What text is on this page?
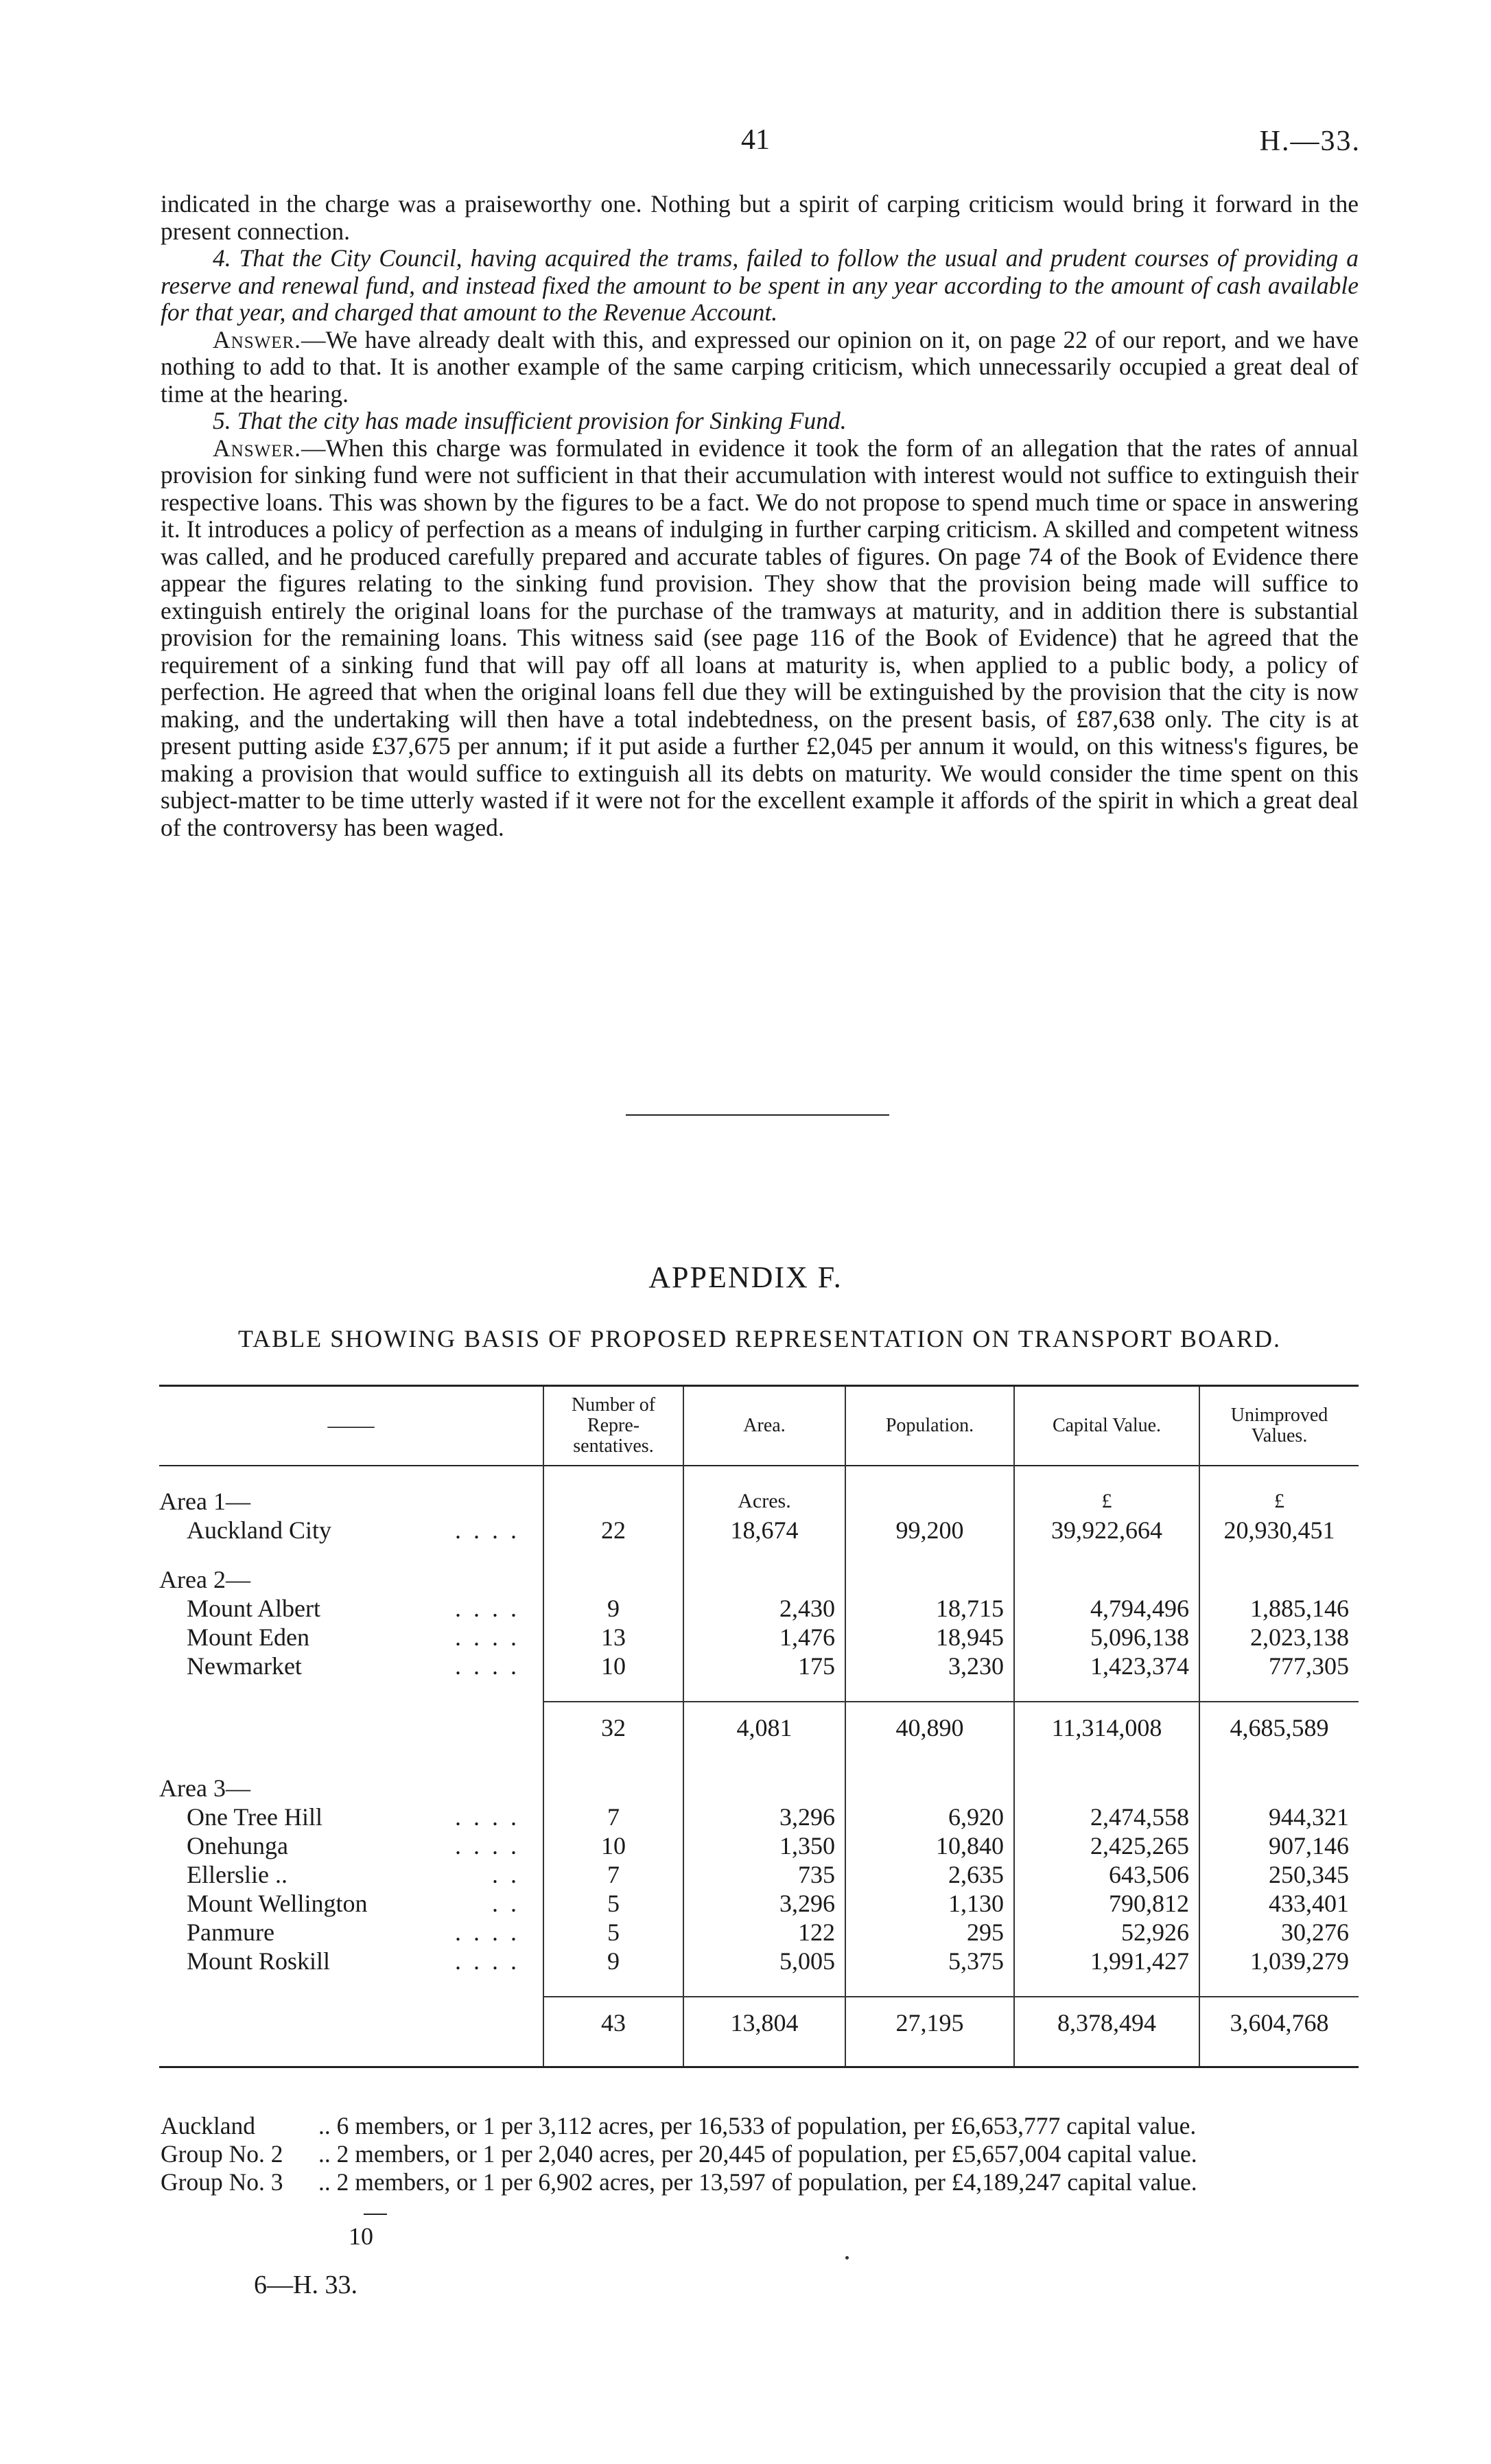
41	H.—33.

indicated in the charge was a praiseworthy one. Nothing but a spirit of carping criticism would bring it forward in the present connection.

4. That the City Council, having acquired the trams, failed to follow the usual and prudent courses of providing a reserve and renewal fund, and instead fixed the amount to be spent in any year according to the amount of cash available for that year, and charged that amount to the Revenue Account.

Answer.—We have already dealt with this, and expressed our opinion on it, on page 22 of our report, and we have nothing to add to that. It is another example of the same carping criticism, which unnecessarily occupied a great deal of time at the hearing.

5. That the city has made insufficient provision for Sinking Fund.

Answer.—When this charge was formulated in evidence it took the form of an allegation that the rates of annual provision for sinking fund were not sufficient in that their accumulation with interest would not suffice to extinguish their respective loans. This was shown by the figures to be a fact. We do not propose to spend much time or space in answering it. It introduces a policy of perfection as a means of indulging in further carping criticism. A skilled and competent witness was called, and he produced carefully prepared and accurate tables of figures. On page 74 of the Book of Evidence there appear the figures relating to the sinking fund provision. They show that the provision being made will suffice to extinguish entirely the original loans for the purchase of the tramways at maturity, and in addition there is substantial provision for the remaining loans. This witness said (see page 116 of the Book of Evidence) that he agreed that the requirement of a sinking fund that will pay off all loans at maturity is, when applied to a public body, a policy of perfection. He agreed that when the original loans fell due they will be extinguished by the provision that the city is now making, and the undertaking will then have a total indebtedness, on the present basis, of £87,638 only. The city is at present putting aside £37,675 per annum; if it put aside a further £2,045 per annum it would, on this witness's figures, be making a provision that would suffice to extinguish all its debts on maturity. We would consider the time spent on this subject-matter to be time utterly wasted if it were not for the excellent example it affords of the spirit in which a great deal of the controversy has been waged.

APPENDIX F.
TABLE SHOWING BASIS OF PROPOSED REPRESENTATION ON TRANSPORT BOARD.
——	Number of Repre-sentatives.	Area.	Population.	Capital Value.	Unimproved Values.

Area 1—		Acres.		£	£
Auckland City ....	22	18,674	99,200	39,922,664	20,930,451

Area 2—					
Mount Albert ....	9	2,430	18,715	4,794,496	1,885,146
Mount Eden ....	13	1,476	18,945	5,096,138	2,023,138
Newmarket ....	10	175	3,230	1,423,374	777,305

	32	4,081	40,890	11,314,008	4,685,589

Area 3—					
One Tree Hill ....	7	3,296	6,920	2,474,558	944,321
Onehunga ....	10	1,350	10,840	2,425,265	907,146
Ellerslie .. ..	7	735	2,635	643,506	250,345
Mount Wellington ..	5	3,296	1,130	790,812	433,401
Panmure ....	5	122	295	52,926	30,276
Mount Roskill ....	9	5,005	5,375	1,991,427	1,039,279

	43	13,804	27,195	8,378,494	3,604,768

Auckland	.. 6 members, or 1 per 3,112 acres, per 16,533 of population, per £6,653,777 capital value.
Group No. 2	.. 2 members, or 1 per 2,040 acres, per 20,445 of population, per £5,657,004 capital value.
Group No. 3	.. 2 members, or 1 per 6,902 acres, per 13,597 of population, per £4,189,247 capital value.
10
6—H. 33.
